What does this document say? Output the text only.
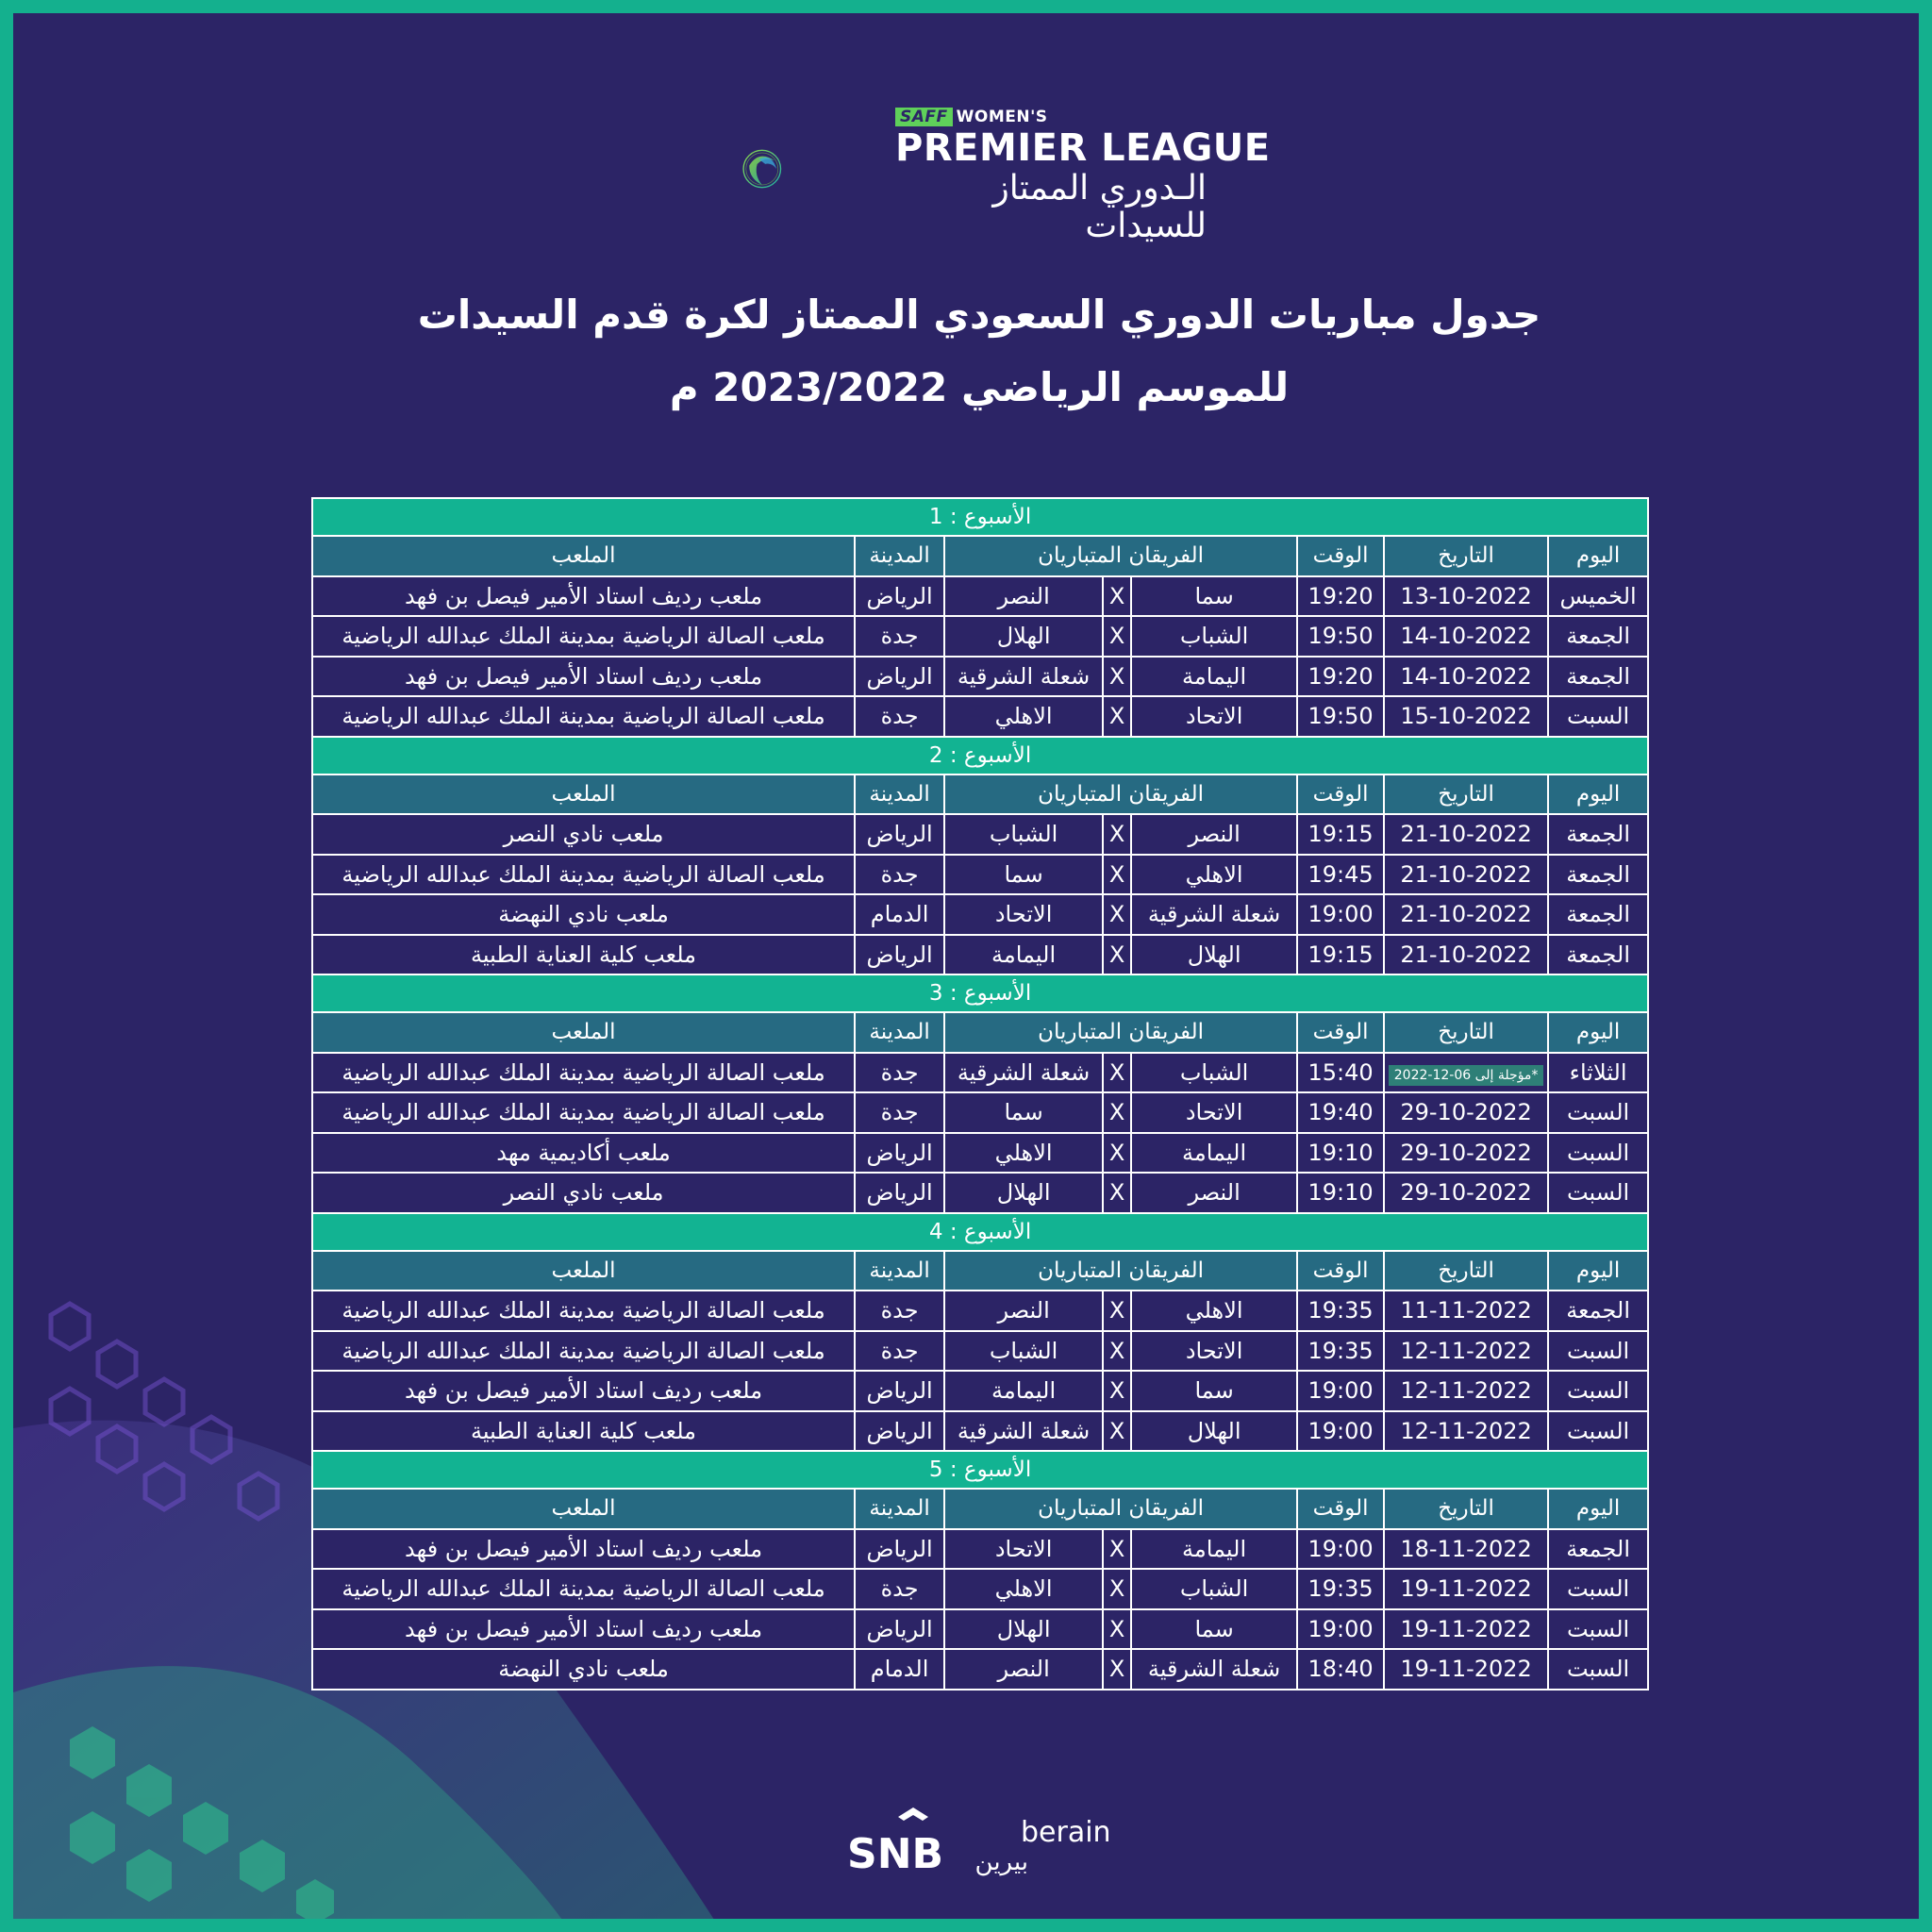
SAFF WOMEN'S
PREMIER LEAGUE
الـدوري الممتاز للسيدات
جدول مباريات الدوري السعودي الممتاز لكرة قدم السيدات
للموسم الرياضي 2023/2022 م
الأسبوع : 1							
اليوم	التاريخ	الوقت	الفريقان المتباريان			المدينة	الملعب
الخميس	13-10-2022	19:20	سما	X	النصر	الرياض	ملعب رديف استاد الأمير فيصل بن فهد
الجمعة	14-10-2022	19:50	الشباب	X	الهلال	جدة	ملعب الصالة الرياضية بمدينة الملك عبدالله الرياضية
الجمعة	14-10-2022	19:20	اليمامة	X	شعلة الشرقية	الرياض	ملعب رديف استاد الأمير فيصل بن فهد
السبت	15-10-2022	19:50	الاتحاد	X	الاهلي	جدة	ملعب الصالة الرياضية بمدينة الملك عبدالله الرياضية
الأسبوع : 2							
اليوم	التاريخ	الوقت	الفريقان المتباريان			المدينة	الملعب
الجمعة	21-10-2022	19:15	النصر	X	الشباب	الرياض	ملعب نادي النصر
الجمعة	21-10-2022	19:45	الاهلي	X	سما	جدة	ملعب الصالة الرياضية بمدينة الملك عبدالله الرياضية
الجمعة	21-10-2022	19:00	شعلة الشرقية	X	الاتحاد	الدمام	ملعب نادي النهضة
الجمعة	21-10-2022	19:15	الهلال	X	اليمامة	الرياض	ملعب كلية العناية الطبية
الأسبوع : 3							
اليوم	التاريخ	الوقت	الفريقان المتباريان			المدينة	الملعب
الثلاثاء	*مؤجلة إلى 06-12-2022	15:40	الشباب	X	شعلة الشرقية	جدة	ملعب الصالة الرياضية بمدينة الملك عبدالله الرياضية
السبت	29-10-2022	19:40	الاتحاد	X	سما	جدة	ملعب الصالة الرياضية بمدينة الملك عبدالله الرياضية
السبت	29-10-2022	19:10	اليمامة	X	الاهلي	الرياض	ملعب أكاديمية مهد
السبت	29-10-2022	19:10	النصر	X	الهلال	الرياض	ملعب نادي النصر
الأسبوع : 4							
اليوم	التاريخ	الوقت	الفريقان المتباريان			المدينة	الملعب
الجمعة	11-11-2022	19:35	الاهلي	X	النصر	جدة	ملعب الصالة الرياضية بمدينة الملك عبدالله الرياضية
السبت	12-11-2022	19:35	الاتحاد	X	الشباب	جدة	ملعب الصالة الرياضية بمدينة الملك عبدالله الرياضية
السبت	12-11-2022	19:00	سما	X	اليمامة	الرياض	ملعب رديف استاد الأمير فيصل بن فهد
السبت	12-11-2022	19:00	الهلال	X	شعلة الشرقية	الرياض	ملعب كلية العناية الطبية
الأسبوع : 5							
اليوم	التاريخ	الوقت	الفريقان المتباريان			المدينة	الملعب
الجمعة	18-11-2022	19:00	اليمامة	X	الاتحاد	الرياض	ملعب رديف استاد الأمير فيصل بن فهد
السبت	19-11-2022	19:35	الشباب	X	الاهلي	جدة	ملعب الصالة الرياضية بمدينة الملك عبدالله الرياضية
السبت	19-11-2022	19:00	سما	X	الهلال	الرياض	ملعب رديف استاد الأمير فيصل بن فهد
السبت	19-11-2022	18:40	شعلة الشرقية	X	النصر	الدمام	ملعب نادي النهضة
SNB	berain
بيرين
